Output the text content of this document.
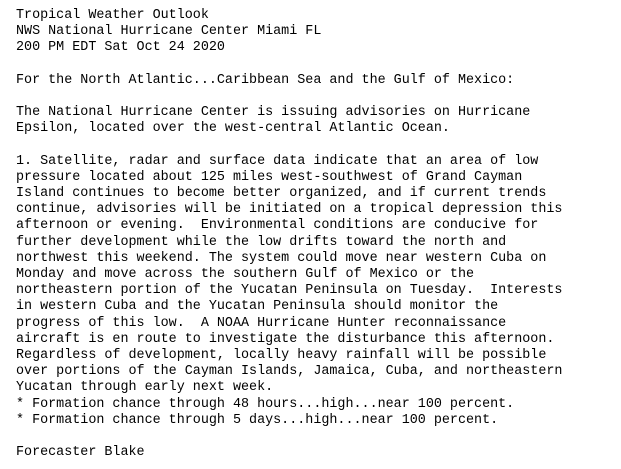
Tropical Weather Outlook
NWS National Hurricane Center Miami FL
200 PM EDT Sat Oct 24 2020
For the North Atlantic...Caribbean Sea and the Gulf of Mexico:
The National Hurricane Center is issuing advisories on Hurricane
Epsilon, located over the west-central Atlantic Ocean.
1. Satellite, radar and surface data indicate that an area of low
pressure located about 125 miles west-southwest of Grand Cayman
Island continues to become better organized, and if current trends
continue, advisories will be initiated on a tropical depression this
afternoon or evening.  Environmental conditions are conducive for
further development while the low drifts toward the north and
northwest this weekend. The system could move near western Cuba on
Monday and move across the southern Gulf of Mexico or the
northeastern portion of the Yucatan Peninsula on Tuesday.  Interests
in western Cuba and the Yucatan Peninsula should monitor the
progress of this low.  A NOAA Hurricane Hunter reconnaissance
aircraft is en route to investigate the disturbance this afternoon.
Regardless of development, locally heavy rainfall will be possible
over portions of the Cayman Islands, Jamaica, Cuba, and northeastern
Yucatan through early next week.
* Formation chance through 48 hours...high...near 100 percent.
* Formation chance through 5 days...high...near 100 percent.
Forecaster Blake
